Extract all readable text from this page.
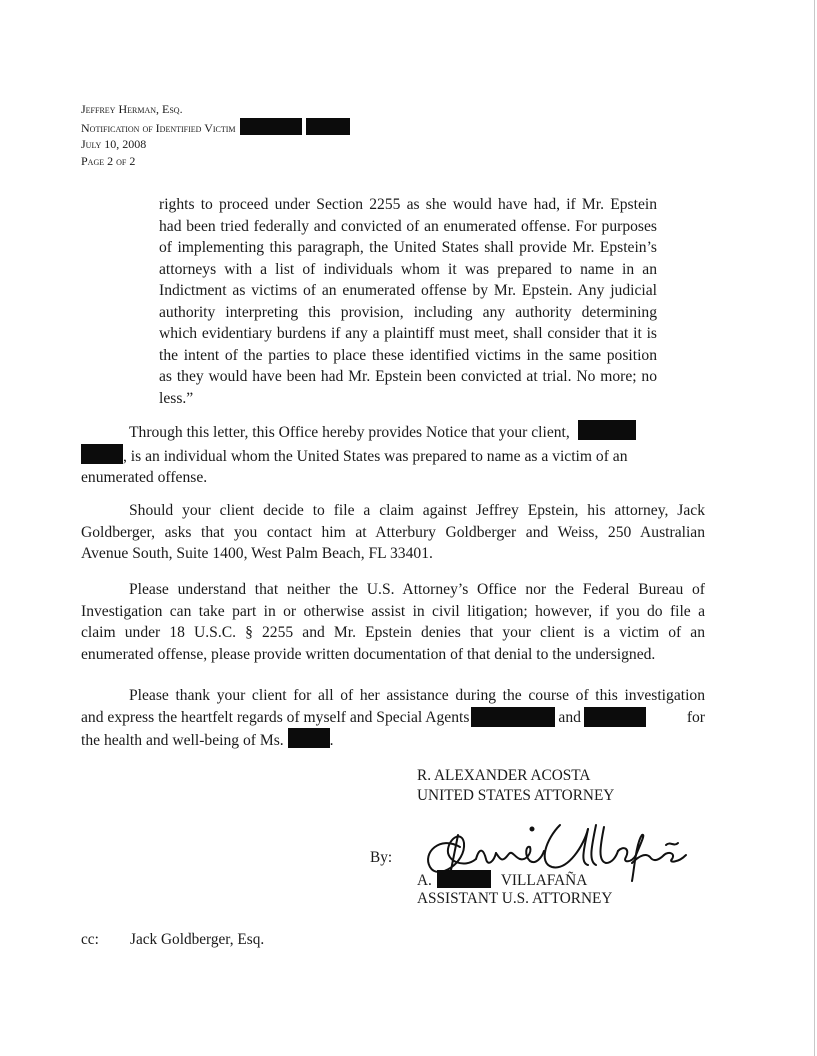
Jeffrey Herman, Esq.
Notification of Identified Victim
July 10, 2008
Page 2 of 2
rights to proceed under Section 2255 as she would have had, if Mr. Epstein
had been tried federally and convicted of an enumerated offense. For purposes
of implementing this paragraph, the United States shall provide Mr. Epstein’s
attorneys with a list of individuals whom it was prepared to name in an
Indictment as victims of an enumerated offense by Mr. Epstein. Any judicial
authority interpreting this provision, including any authority determining
which evidentiary burdens if any a plaintiff must meet, shall consider that it is
the intent of the parties to place these identified victims in the same position
as they would have been had Mr. Epstein been convicted at trial. No more; no
less.”
Through this letter, this Office hereby provides Notice that your client,
, is an individual whom the United States was prepared to name as a victim of an
enumerated offense.
Should your client decide to file a claim against Jeffrey Epstein, his attorney, Jack
Goldberger, asks that you contact him at Atterbury Goldberger and Weiss, 250 Australian
Avenue South, Suite 1400, West Palm Beach, FL 33401.
Please understand that neither the U.S. Attorney’s Office nor the Federal Bureau of
Investigation can take part in or otherwise assist in civil litigation; however, if you do file a
claim under 18 U.S.C. § 2255 and Mr. Epstein denies that your client is a victim of an
enumerated offense, please provide written documentation of that denial to the undersigned.
Please thank your client for all of her assistance during the course of this investigation
and express the heartfelt regards of myself and Special Agents	and	for
the health and well-being of Ms.	.
R. ALEXANDER ACOSTA
UNITED STATES ATTORNEY
By:
A.	VILLAFAÑA
ASSISTANT U.S. ATTORNEY
cc: Jack Goldberger, Esq.
